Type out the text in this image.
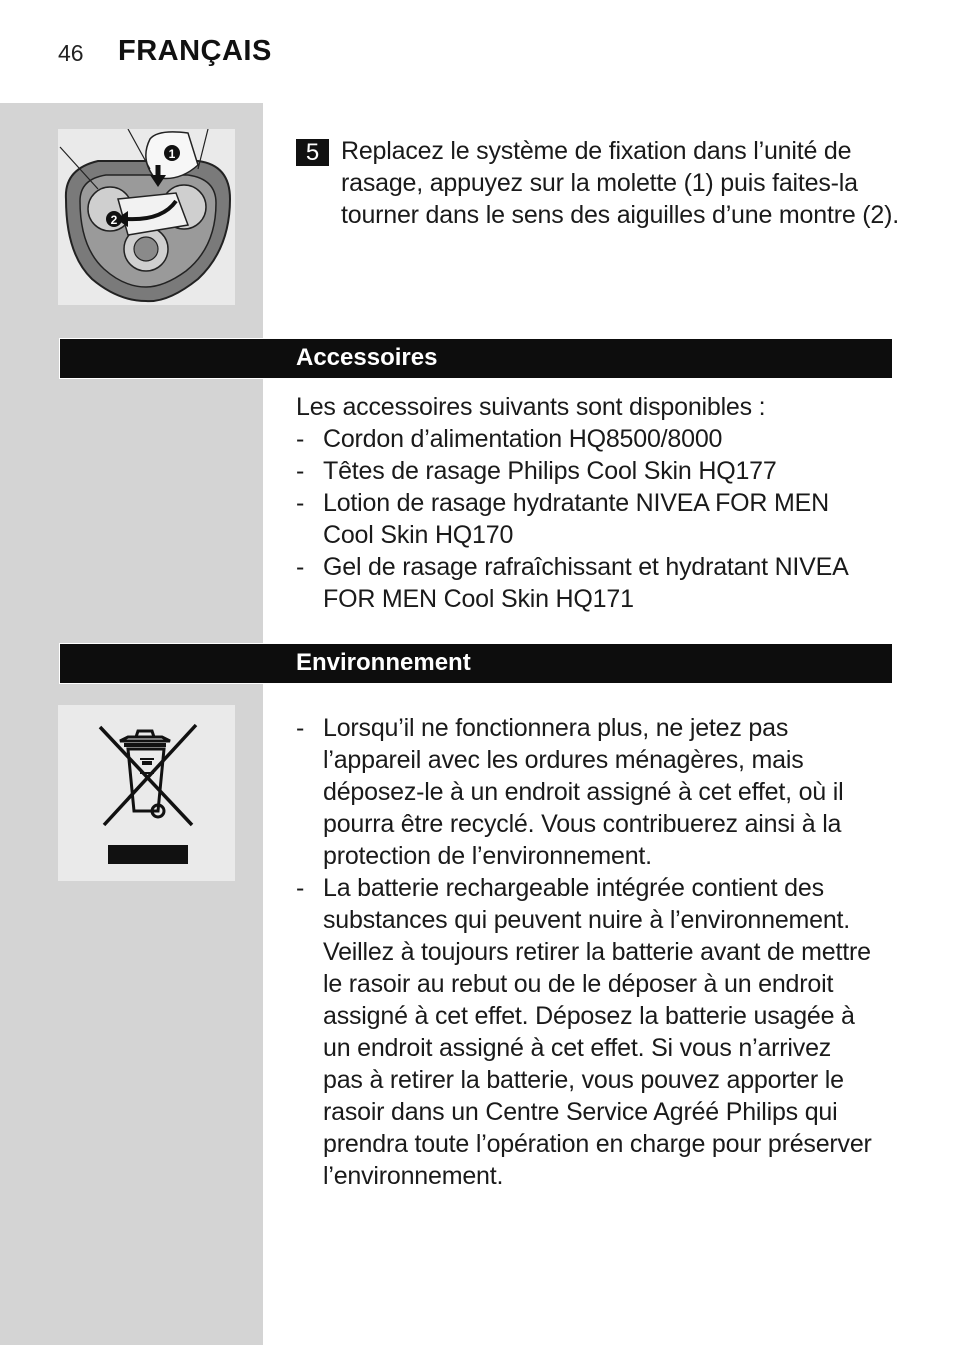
46 FRANÇAIS
1
2
5 Replacez le système de fixation dans l’unité de rasage, appuyez sur la molette (1) puis faites-la tourner dans le sens des aiguilles d’une montre (2).
Accessoires
Les accessoires suivants sont disponibles :
- Cordon d’alimentation HQ8500/8000
- Têtes de rasage Philips Cool Skin HQ177
- Lotion de rasage hydratante NIVEA FOR MEN Cool Skin HQ170
- Gel de rasage rafraîchissant et hydratant NIVEA FOR MEN Cool Skin HQ171
Environnement
- Lorsqu’il ne fonctionnera plus, ne jetez pas l’appareil avec les ordures ménagères, mais déposez-le à un endroit assigné à cet effet, où il pourra être recyclé. Vous contribuerez ainsi à la protection de l’environnement.
- La batterie rechargeable intégrée contient des substances qui peuvent nuire à l’environnement. Veillez à toujours retirer la batterie avant de mettre le rasoir au rebut ou de le déposer à un endroit assigné à cet effet. Déposez la batterie usagée à un endroit assigné à cet effet. Si vous n’arrivez pas à retirer la batterie, vous pouvez apporter le rasoir dans un Centre Service Agréé Philips qui prendra toute l’opération en charge pour préserver l’environnement.
